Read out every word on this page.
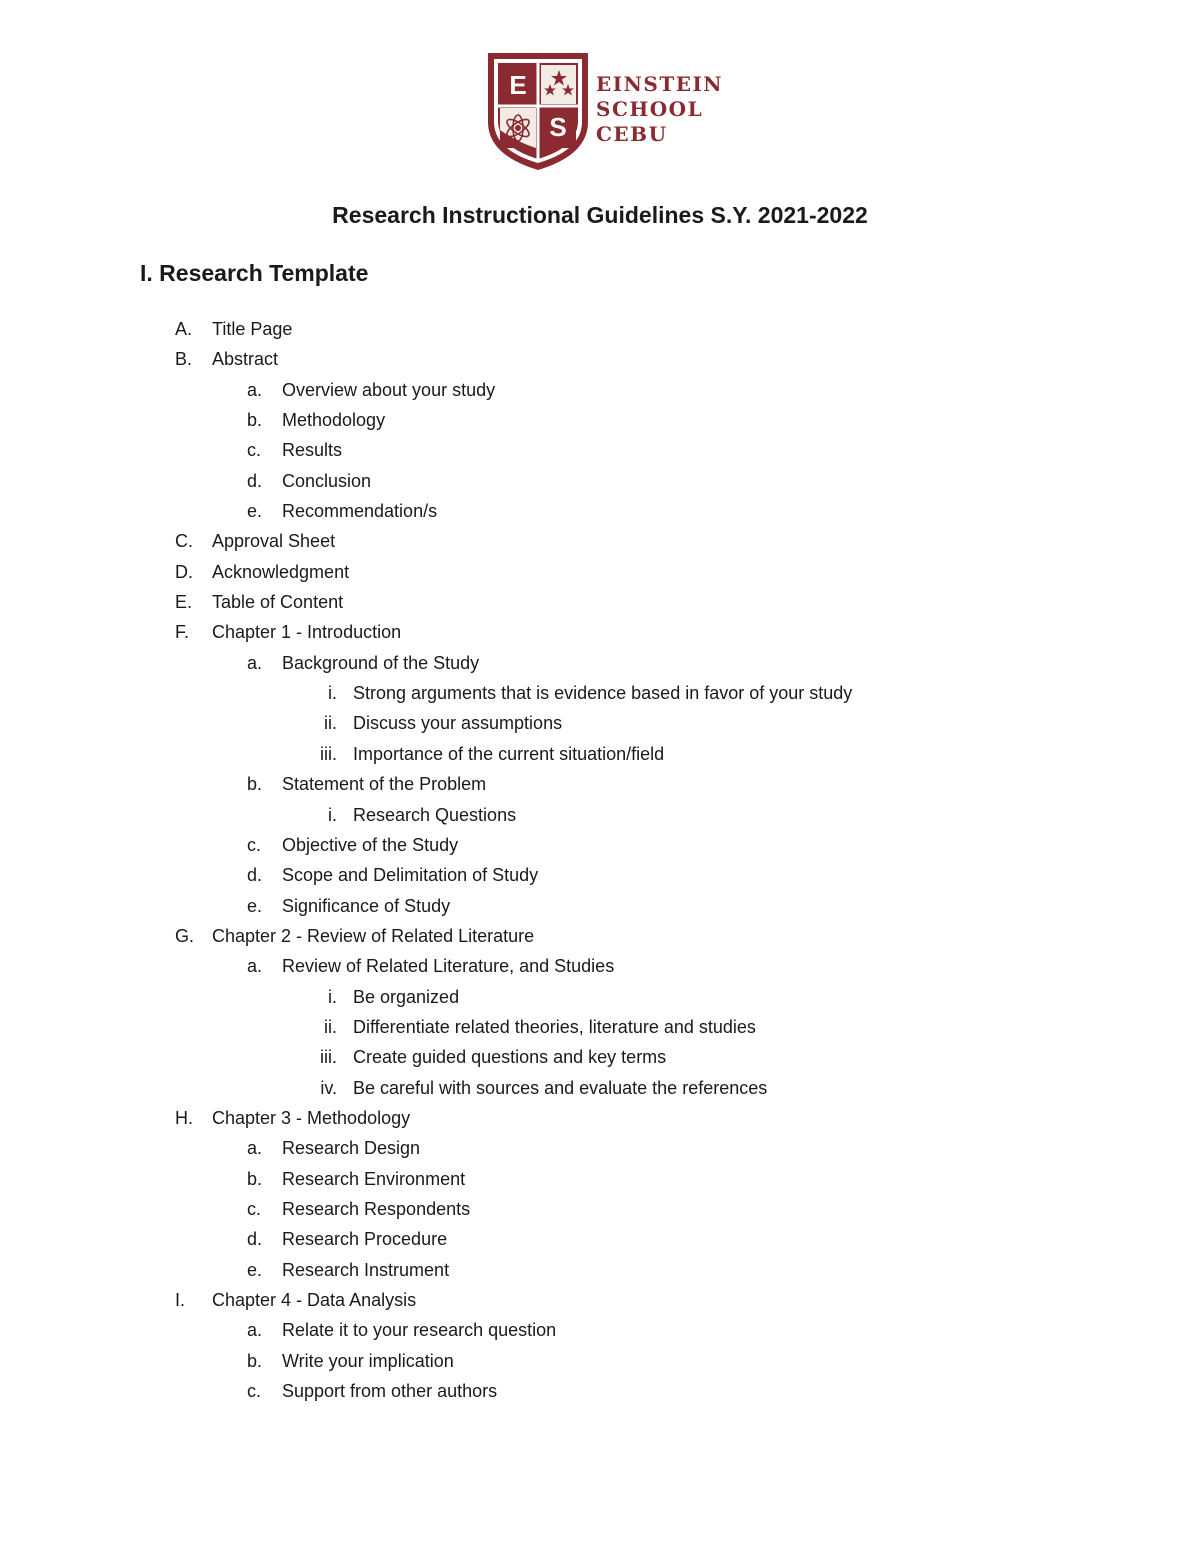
E
S
EINSTEIN
SCHOOL
CEBU
Research Instructional Guidelines S.Y. 2021-2022
I. Research Template
A. Title Page
B. Abstract
a. Overview about your study
b. Methodology
c. Results
d. Conclusion
e. Recommendation/s
C. Approval Sheet
D. Acknowledgment
E. Table of Content
F. Chapter 1 - Introduction
a. Background of the Study
i. Strong arguments that is evidence based in favor of your study
ii. Discuss your assumptions
iii. Importance of the current situation/field
b. Statement of the Problem
i. Research Questions
c. Objective of the Study
d. Scope and Delimitation of Study
e. Significance of Study
G. Chapter 2 - Review of Related Literature
a. Review of Related Literature, and Studies
i. Be organized
ii. Differentiate related theories, literature and studies
iii. Create guided questions and key terms
iv. Be careful with sources and evaluate the references
H. Chapter 3 - Methodology
a. Research Design
b. Research Environment
c. Research Respondents
d. Research Procedure
e. Research Instrument
I. Chapter 4 - Data Analysis
a. Relate it to your research question
b. Write your implication
c. Support from other authors
